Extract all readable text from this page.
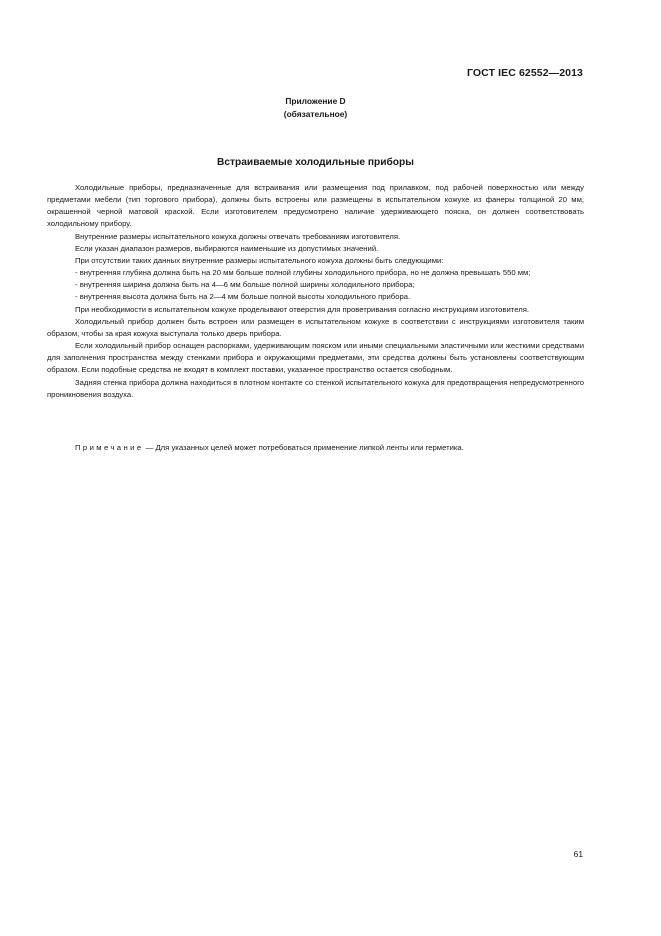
ГОСТ IEC 62552—2013
Приложение D
(обязательное)
Встраиваемые холодильные приборы

Холодильные приборы, предназначенные для встраивания или размещения под прилавком, под рабочей поверхностью или между предметами мебели (тип торгового прибора), должны быть встроены или размещены в испытательном кожухе из фанеры толщиной 20 мм, окрашенной черной матовой краской. Если изготовителем предусмотрено наличие удерживающего пояска, он должен соответствовать холодильному прибору.

Внутренние размеры испытательного кожуха должны отвечать требованиям изготовителя.

Если указан диапазон размеров, выбираются наименьшие из допустимых значений.

При отсутствии таких данных внутренние размеры испытательного кожуха должны быть следующими:

- внутренняя глубина должна быть на 20 мм больше полной глубины холодильного прибора, но не должна превышать 550 мм;

- внутренняя ширина должна быть на 4—6 мм больше полной ширины холодильного прибора;

- внутренняя высота должна быть на 2—4 мм больше полной высоты холодильного прибора.

При необходимости в испытательном кожухе проделывают отверстия для проветривания согласно инструкциям изготовителя.

Холодильный прибор должен быть встроен или размещен в испытательном кожухе в соответствии с инструкциями изготовителя таким образом, чтобы за края кожуха выступала только дверь прибора.

Если холодильный прибор оснащен распорками, удерживающим пояском или иными специальными эластичными или жесткими средствами для заполнения пространства между стенками прибора и окружающими предметами, эти средства должны быть установлены соответствующим образом. Если подобные средства не входят в комплект поставки, указанное пространство остается свободным.

Задняя стенка прибора должна находиться в плотном контакте со стенкой испытательного кожуха для предотвращения непредусмотренного проникновения воздуха.

Примечание — Для указанных целей может потребоваться применение липкой ленты или герметика.
61
